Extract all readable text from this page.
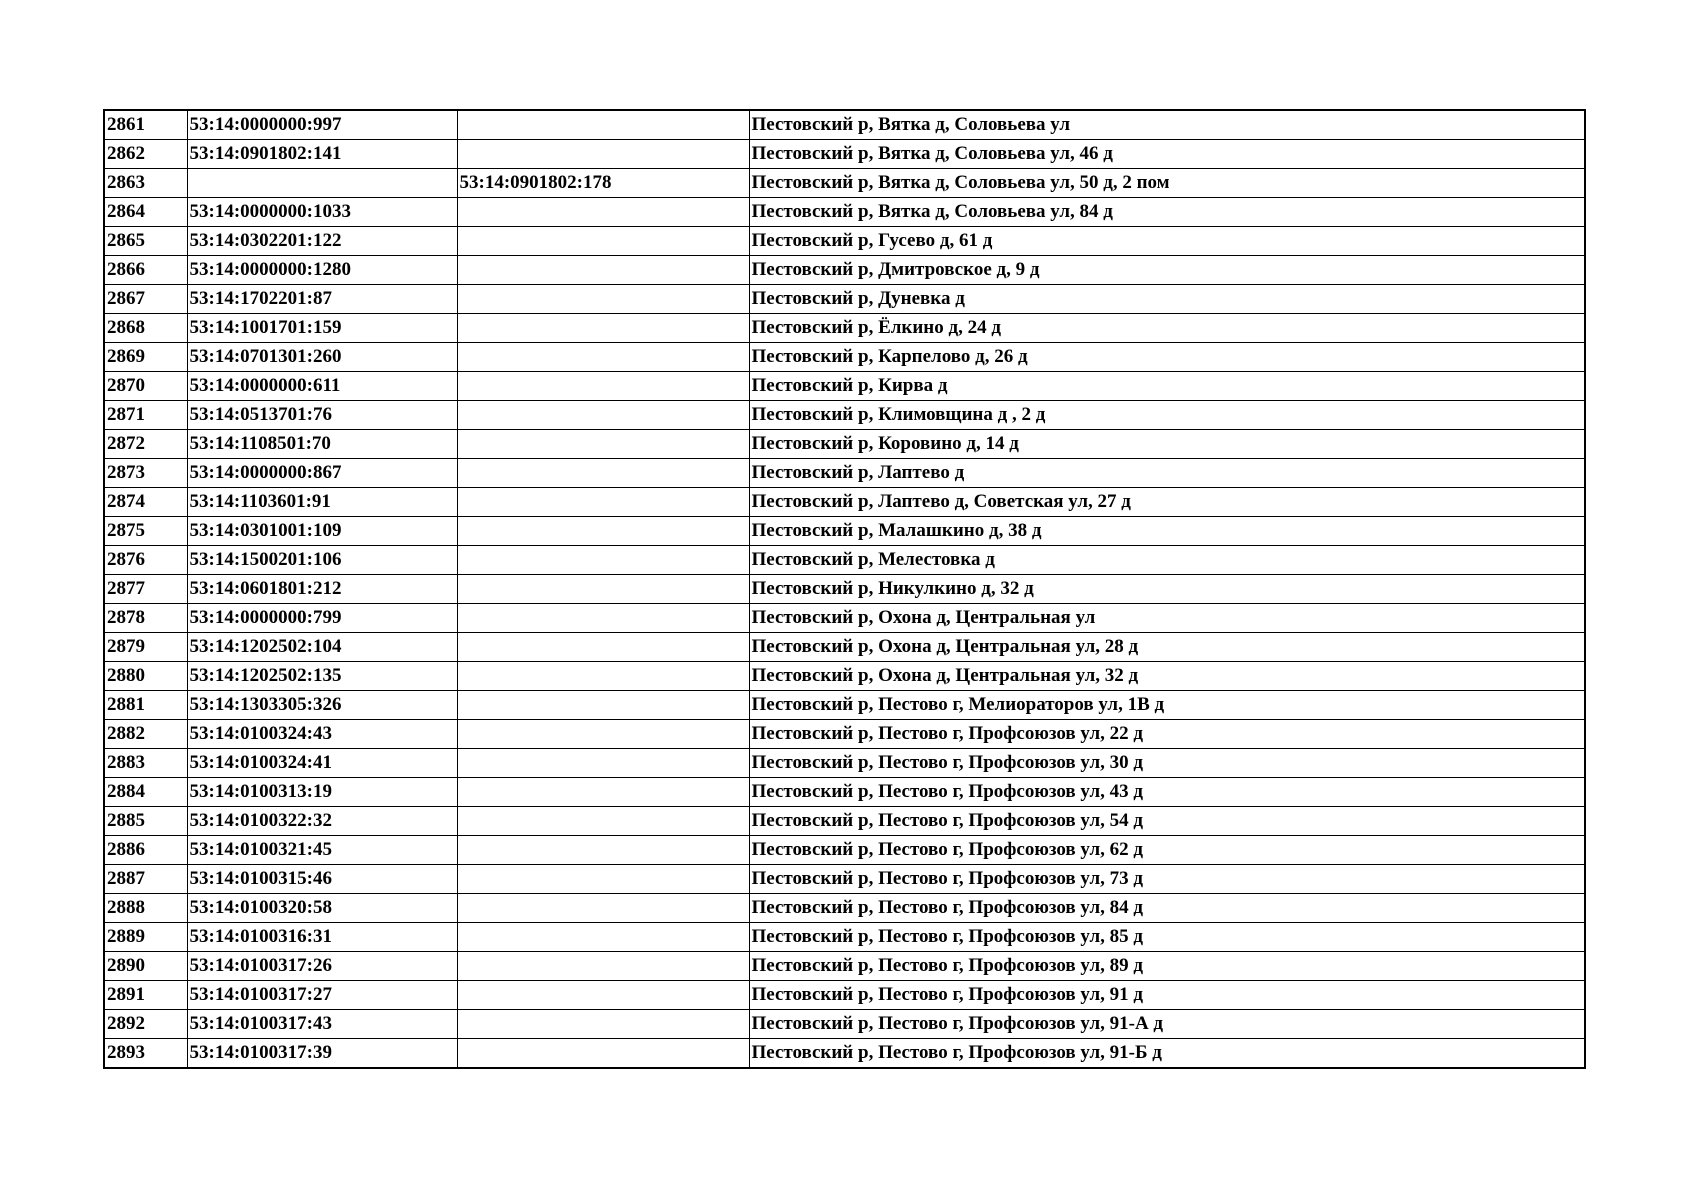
2861	53:14:0000000:997		Пестовский р, Вятка д, Соловьева ул
2862	53:14:0901802:141		Пестовский р, Вятка д, Соловьева ул, 46 д
2863		53:14:0901802:178	Пестовский р, Вятка д, Соловьева ул, 50 д, 2 пом
2864	53:14:0000000:1033		Пестовский р, Вятка д, Соловьева ул, 84 д
2865	53:14:0302201:122		Пестовский р, Гусево д, 61 д
2866	53:14:0000000:1280		Пестовский р, Дмитровское д, 9 д
2867	53:14:1702201:87		Пестовский р, Дуневка д
2868	53:14:1001701:159		Пестовский р, Ёлкино д, 24 д
2869	53:14:0701301:260		Пестовский р, Карпелово д, 26 д
2870	53:14:0000000:611		Пестовский р, Кирва д
2871	53:14:0513701:76		Пестовский р, Климовщина д , 2 д
2872	53:14:1108501:70		Пестовский р, Коровино д, 14 д
2873	53:14:0000000:867		Пестовский р, Лаптево д
2874	53:14:1103601:91		Пестовский р, Лаптево д, Советская ул, 27 д
2875	53:14:0301001:109		Пестовский р, Малашкино д, 38 д
2876	53:14:1500201:106		Пестовский р, Мелестовка д
2877	53:14:0601801:212		Пестовский р, Никулкино д, 32 д
2878	53:14:0000000:799		Пестовский р, Охона д, Центральная ул
2879	53:14:1202502:104		Пестовский р, Охона д, Центральная ул, 28 д
2880	53:14:1202502:135		Пестовский р, Охона д, Центральная ул, 32 д
2881	53:14:1303305:326		Пестовский р, Пестово г, Мелиораторов ул, 1В д
2882	53:14:0100324:43		Пестовский р, Пестово г, Профсоюзов ул, 22 д
2883	53:14:0100324:41		Пестовский р, Пестово г, Профсоюзов ул, 30 д
2884	53:14:0100313:19		Пестовский р, Пестово г, Профсоюзов ул, 43 д
2885	53:14:0100322:32		Пестовский р, Пестово г, Профсоюзов ул, 54 д
2886	53:14:0100321:45		Пестовский р, Пестово г, Профсоюзов ул, 62 д
2887	53:14:0100315:46		Пестовский р, Пестово г, Профсоюзов ул, 73 д
2888	53:14:0100320:58		Пестовский р, Пестово г, Профсоюзов ул, 84 д
2889	53:14:0100316:31		Пестовский р, Пестово г, Профсоюзов ул, 85 д
2890	53:14:0100317:26		Пестовский р, Пестово г, Профсоюзов ул, 89 д
2891	53:14:0100317:27		Пестовский р, Пестово г, Профсоюзов ул, 91 д
2892	53:14:0100317:43		Пестовский р, Пестово г, Профсоюзов ул, 91-А д
2893	53:14:0100317:39		Пестовский р, Пестово г, Профсоюзов ул, 91-Б д
